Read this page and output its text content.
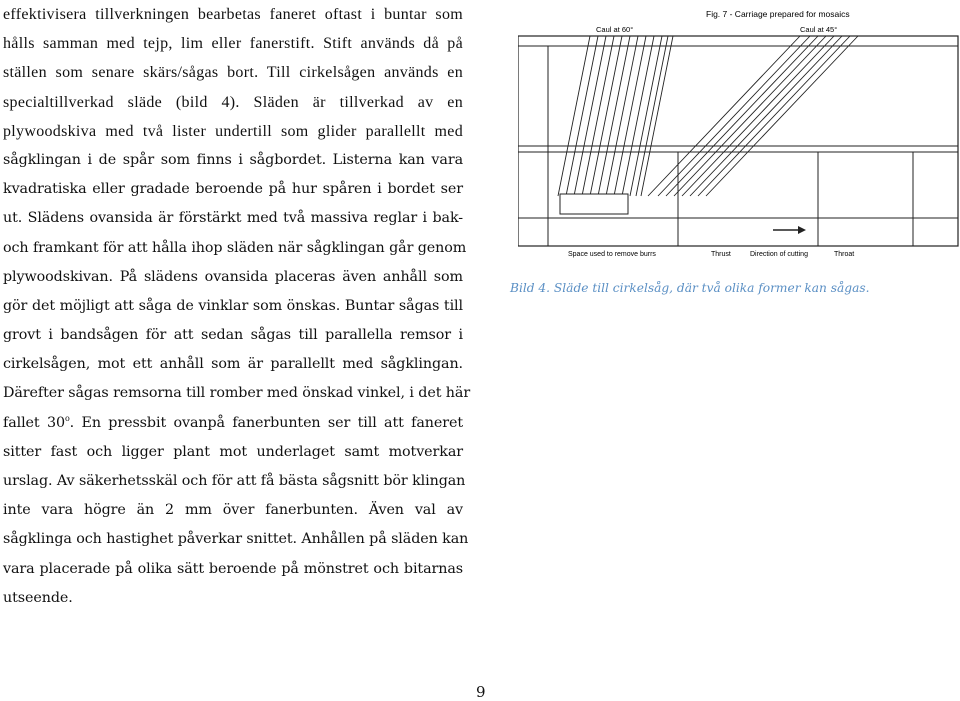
effektivisera tillverkningen bearbetas faneret oftast i buntar som
hålls samman med tejp, lim eller fanerstift. Stift används då på
ställen som senare skärs/sågas bort. Till cirkelsågen används en
specialtillverkad släde (bild 4). Släden är tillverkad av en
plywoodskiva med två lister undertill som glider parallellt med
sågklingan i de spår som finns i sågbordet. Listerna kan vara
kvadratiska eller gradade beroende på hur spåren i bordet ser
ut. Slädens ovansida är förstärkt med två massiva reglar i bak-
och framkant för att hålla ihop släden när sågklingan går genom
plywoodskivan. På slädens ovansida placeras även anhåll som
gör det möjligt att såga de vinklar som önskas. Buntar sågas till
grovt i bandsågen för att sedan sågas till parallella remsor i
cirkelsågen, mot ett anhåll som är parallellt med sågklingan.
Därefter sågas remsorna till romber med önskad vinkel, i det här
fallet 30$^o$. En pressbit ovanpå fanerbunten ser till att faneret
sitter fast och ligger plant mot underlaget samt motverkar
urslag. Av säkerhetsskäl och för att få bästa sågsnitt bör klingan
inte vara högre än 2 mm över fanerbunten. Även val av
sågklinga och hastighet påverkar snittet. Anhållen på släden kan
vara placerade på olika sätt beroende på mönstret och bitarnas
utseende.
Fig. 7 - Carriage prepared for mosaics
Caul at 60°	Caul at 45°
Space used to remove burrs	Thrust	Direction of cutting	Throat
Bild 4. Släde till cirkelsåg, där två olika former kan sågas.
9
